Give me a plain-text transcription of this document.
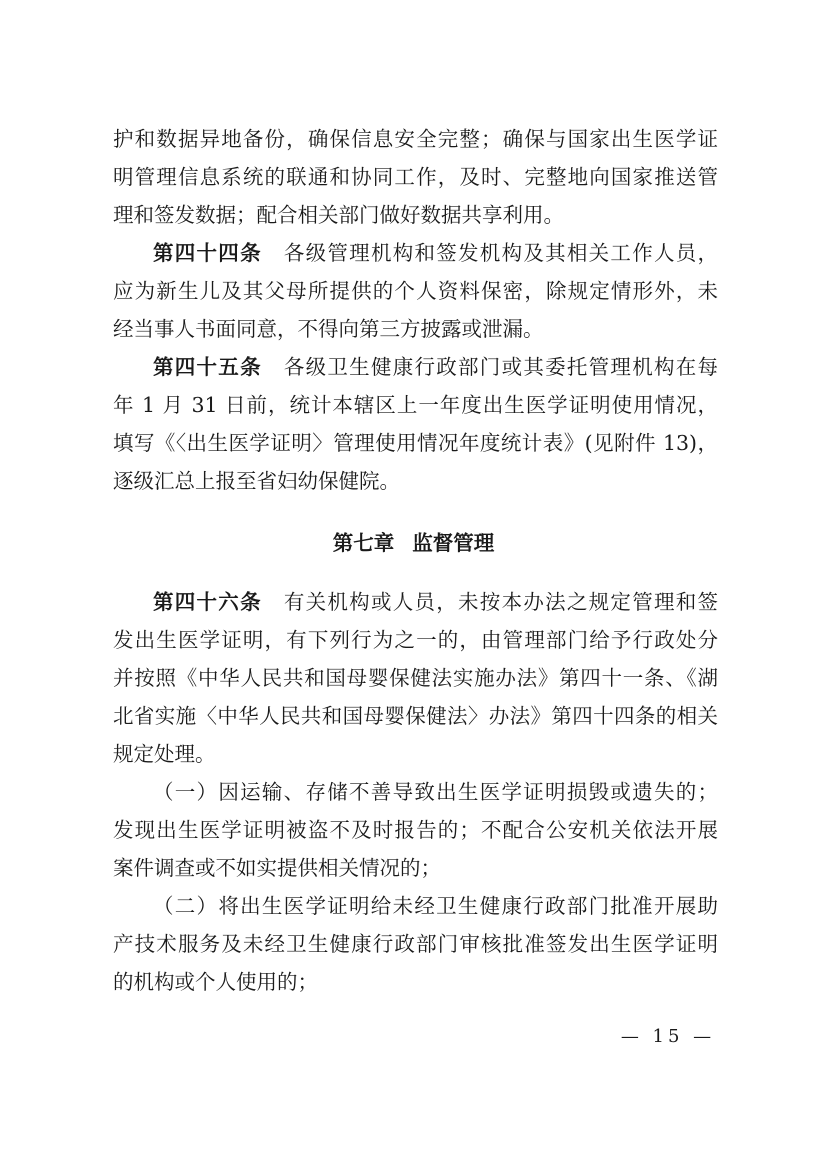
护和数据异地备份，确保信息安全完整；确保与国家出生医学证
明管理信息系统的联通和协同工作，及时、完整地向国家推送管
理和签发数据；配合相关部门做好数据共享利用。
第四十四条 各级管理机构和签发机构及其相关工作人员，
应为新生儿及其父母所提供的个人资料保密，除规定情形外，未
经当事人书面同意，不得向第三方披露或泄漏。
第四十五条 各级卫生健康行政部门或其委托管理机构在每
年 1 月 31 日前，统计本辖区上一年度出生医学证明使用情况，
填写《〈出生医学证明〉管理使用情况年度统计表》(见附件 13)，
逐级汇总上报至省妇幼保健院。
第七章 监督管理
第四十六条 有关机构或人员，未按本办法之规定管理和签
发出生医学证明，有下列行为之一的，由管理部门给予行政处分
并按照《中华人民共和国母婴保健法实施办法》第四十一条、《湖
北省实施〈中华人民共和国母婴保健法〉办法》第四十四条的相关
规定处理。
（一）因运输、存储不善导致出生医学证明损毁或遗失的；
发现出生医学证明被盗不及时报告的；不配合公安机关依法开展
案件调查或不如实提供相关情况的；
（二）将出生医学证明给未经卫生健康行政部门批准开展助
产技术服务及未经卫生健康行政部门审核批准签发出生医学证明
的机构或个人使用的；
— 15 —
